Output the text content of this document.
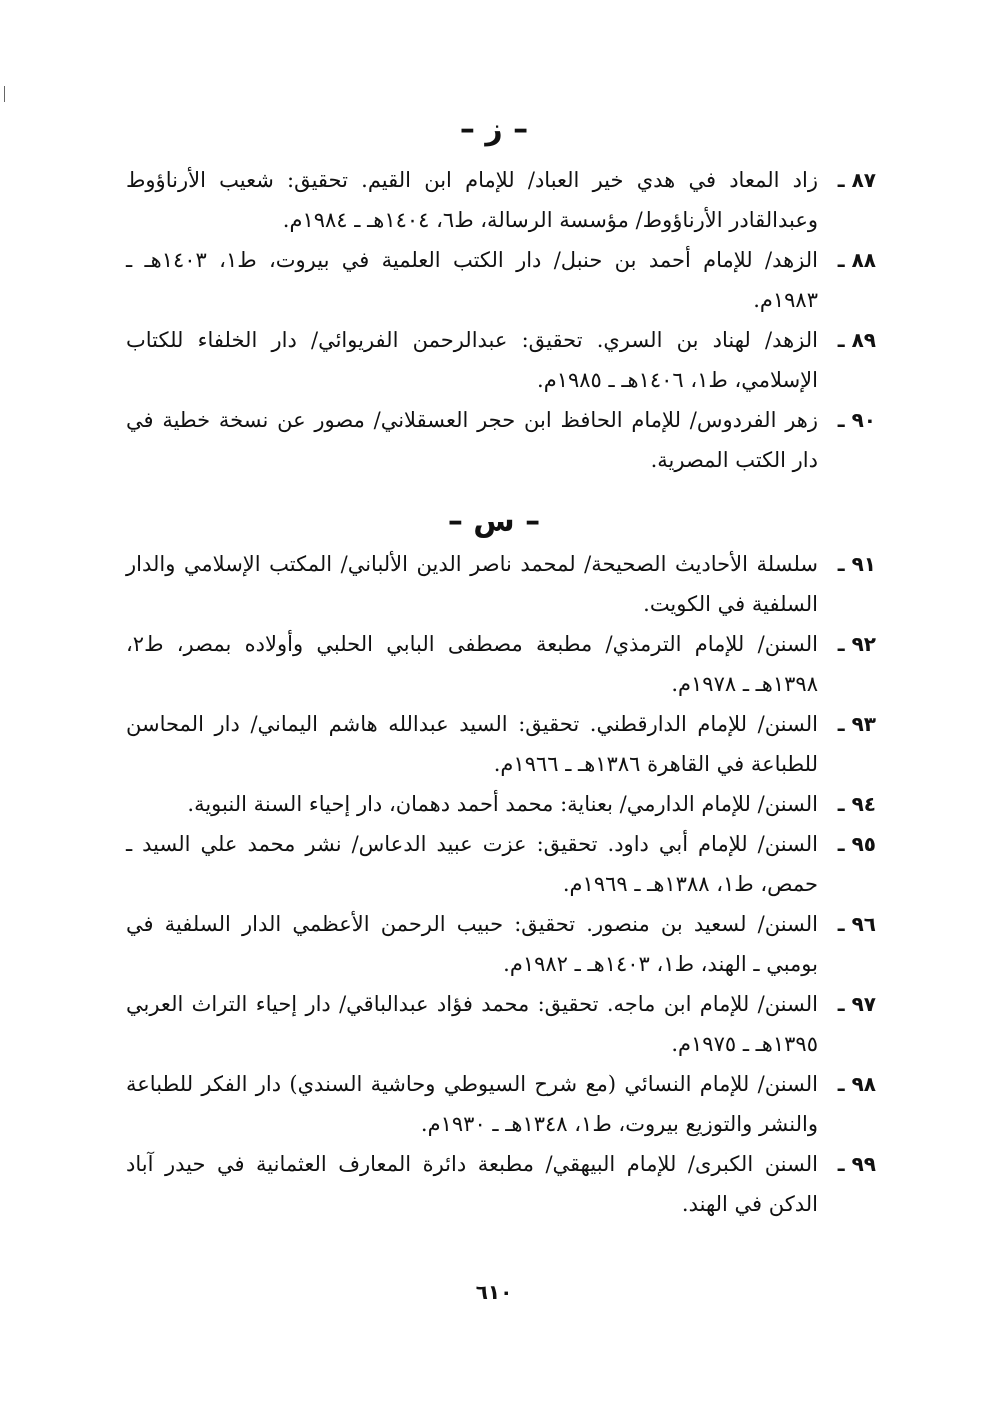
– ز –
٨٧ ـ
زاد المعاد في هدي خير العباد/ للإمام ابن القيم. تحقيق: شعيب الأرناؤوط وعبدالقادر الأرناؤوط/ مؤسسة الرسالة، ط٦، ١٤٠٤هـ ـ ١٩٨٤م.
٨٨ ـ
الزهد/ للإمام أحمد بن حنبل/ دار الكتب العلمية في بيروت، ط١، ١٤٠٣هـ ـ ١٩٨٣م.
٨٩ ـ
الزهد/ لهناد بن السري. تحقيق: عبدالرحمن الفريوائي/ دار الخلفاء للكتاب الإسلامي، ط١، ١٤٠٦هـ ـ ١٩٨٥م.
٩٠ ـ
زهر الفردوس/ للإمام الحافظ ابن حجر العسقلاني/ مصور عن نسخة خطية في دار الكتب المصرية.
– س –
٩١ ـ
سلسلة الأحاديث الصحيحة/ لمحمد ناصر الدين الألباني/ المكتب الإسلامي والدار السلفية في الكويت.
٩٢ ـ
السنن/ للإمام الترمذي/ مطبعة مصطفى البابي الحلبي وأولاده بمصر، ط٢، ١٣٩٨هـ ـ ١٩٧٨م.
٩٣ ـ
السنن/ للإمام الدارقطني. تحقيق: السيد عبدالله هاشم اليماني/ دار المحاسن للطباعة في القاهرة ١٣٨٦هـ ـ ١٩٦٦م.
٩٤ ـ
السنن/ للإمام الدارمي/ بعناية: محمد أحمد دهمان، دار إحياء السنة النبوية.
٩٥ ـ
السنن/ للإمام أبي داود. تحقيق: عزت عبيد الدعاس/ نشر محمد علي السيد ـ حمص، ط١، ١٣٨٨هـ ـ ١٩٦٩م.
٩٦ ـ
السنن/ لسعيد بن منصور. تحقيق: حبيب الرحمن الأعظمي الدار السلفية في بومبي ـ الهند، ط١، ١٤٠٣هـ ـ ١٩٨٢م.
٩٧ ـ
السنن/ للإمام ابن ماجه. تحقيق: محمد فؤاد عبدالباقي/ دار إحياء التراث العربي ١٣٩٥هـ ـ ١٩٧٥م.
٩٨ ـ
السنن/ للإمام النسائي (مع شرح السيوطي وحاشية السندي) دار الفكر للطباعة والنشر والتوزيع بيروت، ط١، ١٣٤٨هـ ـ ١٩٣٠م.
٩٩ ـ
السنن الكبرى/ للإمام البيهقي/ مطبعة دائرة المعارف العثمانية في حيدر آباد الدكن في الهند.
٦١٠
